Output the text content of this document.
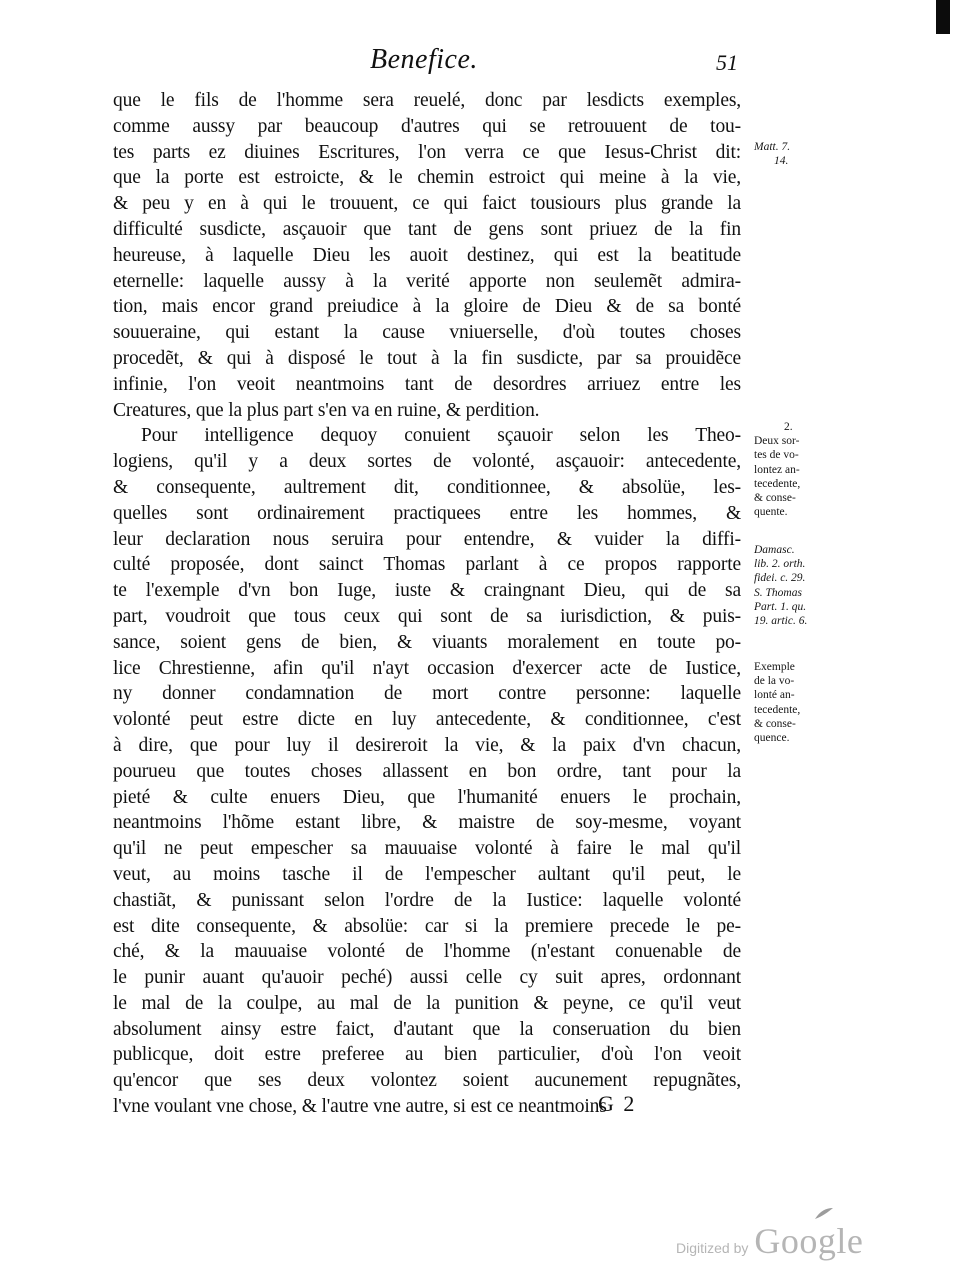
Benefice.	51
que le fils de l'homme sera reuelé, donc par lesdicts exemples,
comme aussy par beaucoup d'autres qui se retrouuent de tou-
tes parts ez diuines Escritures, l'on verra ce que Iesus-Christ dit:
que la porte est estroicte, & le chemin estroict qui meine à la vie,
& peu y en à qui le trouuent, ce qui faict tousiours plus grande la
difficulté susdicte, asçauoir que tant de gens sont priuez de la fin
heureuse, à laquelle Dieu les auoit destinez, qui est la beatitude
eternelle: laquelle aussy à la verité apporte non seulemẽt admira-
tion, mais encor grand preiudice à la gloire de Dieu & de sa bonté
souueraine, qui estant la cause vniuerselle, d'où toutes choses
procedẽt, & qui à disposé le tout à la fin susdicte, par sa prouidẽce
infinie, l'on veoit neantmoins tant de desordres arriuez entre les
Creatures, que la plus part s'en va en ruine, & perdition.
Pour intelligence dequoy conuient sçauoir selon les Theo-
logiens, qu'il y a deux sortes de volonté, asçauoir: antecedente,
& consequente, aultrement dit, conditionnee, & absolüe, les-
quelles sont ordinairement practiquees entre les hommes, &
leur declaration nous seruira pour entendre, & vuider la diffi-
culté proposée, dont sainct Thomas parlant à ce propos rapporte
te l'exemple d'vn bon Iuge, iuste & craingnant Dieu, qui de sa
part, voudroit que tous ceux qui sont de sa iurisdiction, & puis-
sance, soient gens de bien, & viuants moralement en toute po-
lice Chrestienne, afin qu'il n'ayt occasion d'exercer acte de Iustice,
ny donner condamnation de mort contre personne: laquelle
volonté peut estre dicte en luy antecedente, & conditionnee, c'est
à dire, que pour luy il desireroit la vie, & la paix d'vn chacun,
pourueu que toutes choses allassent en bon ordre, tant pour la
pieté & culte enuers Dieu, que l'humanité enuers le prochain,
neantmoins l'hõme estant libre, & maistre de soy-mesme, voyant
qu'il ne peut empescher sa mauuaise volonté à faire le mal qu'il
veut, au moins tasche il de l'empescher aultant qu'il peut, le
chastiãt, & punissant selon l'ordre de la Iustice: laquelle volonté
est dite consequente, & absolüe: car si la premiere precede le pe-
ché, & la mauuaise volonté de l'homme (n'estant conuenable de
le punir auant qu'auoir peché) aussi celle cy suit apres, ordonnant
le mal de la coulpe, au mal de la punition & peyne, ce qu'il veut
absolument ainsy estre faict, d'autant que la conseruation du bien
publicque, doit estre preferee au bien particulier, d'où l'on veoit
qu'encor que ses deux volontez soient aucunement repugnãtes,
l'vne voulant vne chose, & l'autre vne autre, si est ce neantmoins
Matt. 7.
14.
2.
Deux sor-
tes de vo-
lontez an-
tecedente,
& conse-
quente.
Damasc.
lib. 2. orth.
fidei. c. 29.
S. Thomas
Part. 1. qu.
19. artic. 6.
Exemple
de la vo-
lonté an-
tecedente,
& conse-
quence.
G 2
Digitized by Google
